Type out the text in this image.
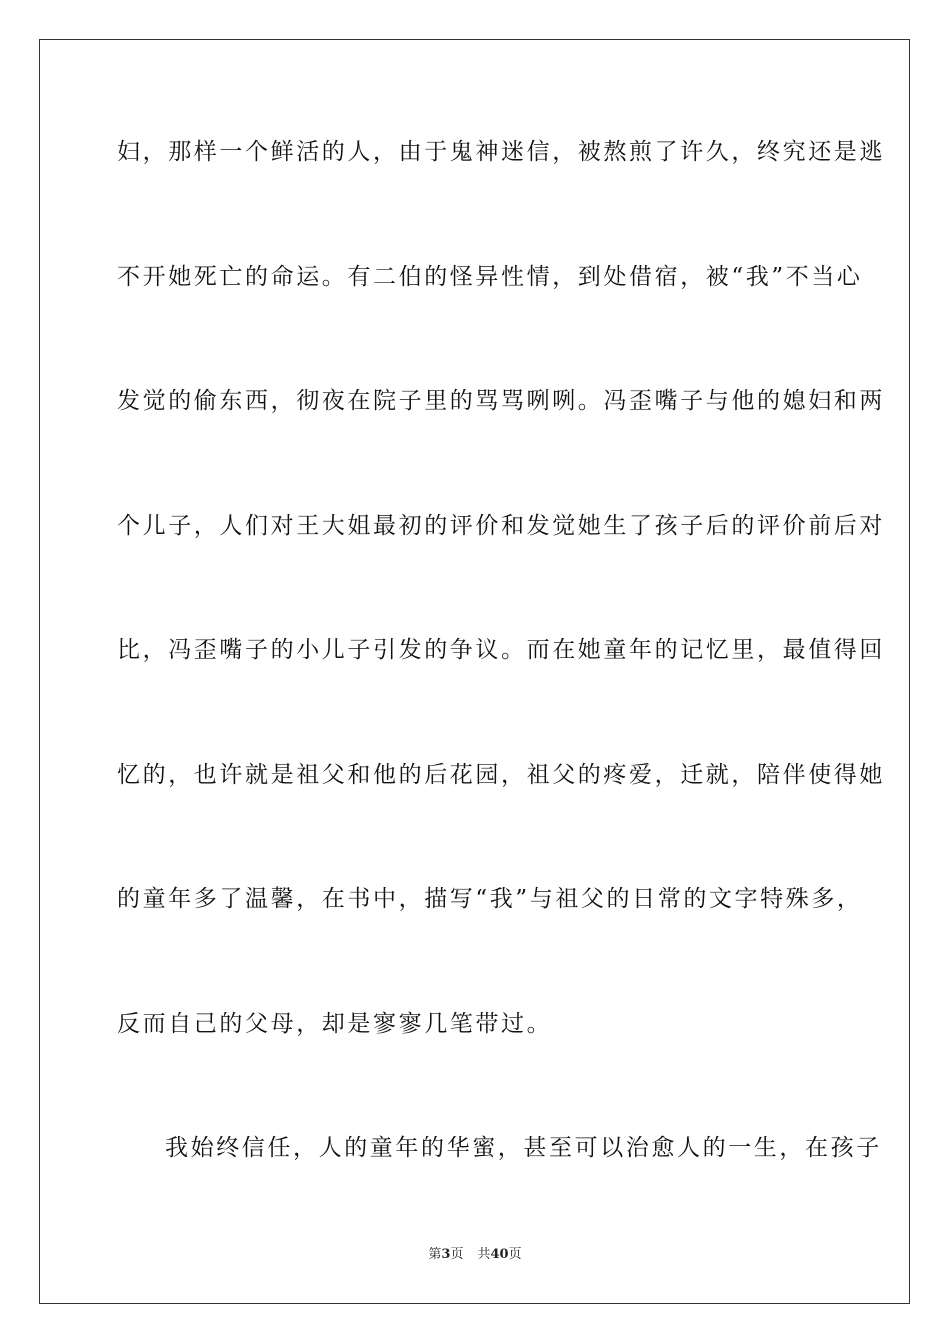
妇，那样一个鲜活的人，由于鬼神迷信，被熬煎了许久，终究还是逃
不开她死亡的命运。有二伯的怪异性情，到处借宿，被“我”不当心
发觉的偷东西，彻夜在院子里的骂骂咧咧。冯歪嘴子与他的媳妇和两
个儿子，人们对王大姐最初的评价和发觉她生了孩子后的评价前后对
比，冯歪嘴子的小儿子引发的争议。而在她童年的记忆里，最值得回
忆的，也许就是祖父和他的后花园，祖父的疼爱，迁就，陪伴使得她
的童年多了温馨，在书中，描写“我”与祖父的日常的文字特殊多，
反而自己的父母，却是寥寥几笔带过。
我始终信任，人的童年的华蜜，甚至可以治愈人的一生，在孩子
第3页 共40页
